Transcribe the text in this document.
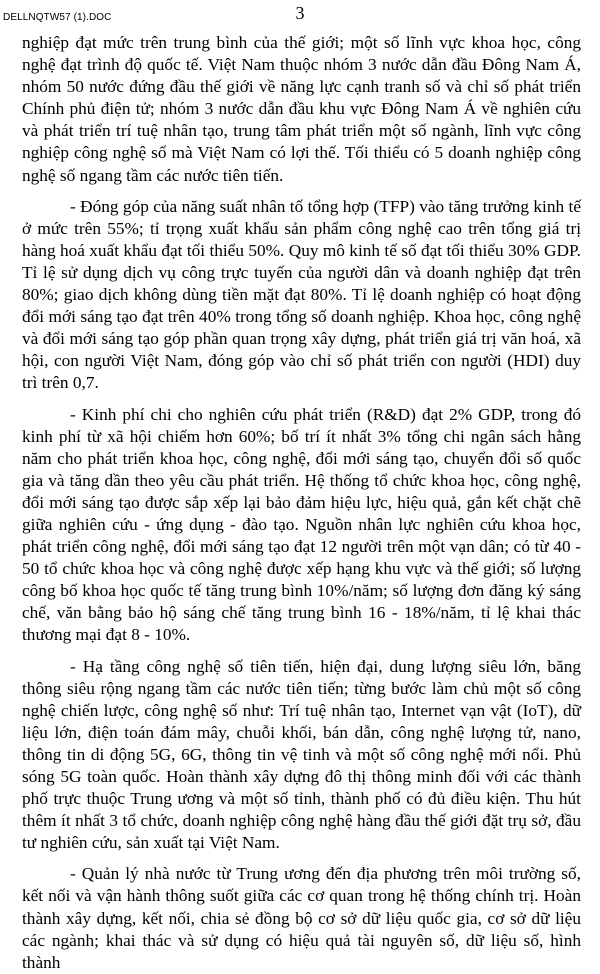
DELLNQTW57 (1).DOC	3

nghiệp đạt mức trên trung bình của thế giới; một số lĩnh vực khoa học, công nghệ đạt trình độ quốc tế. Việt Nam thuộc nhóm 3 nước dẫn đầu Đông Nam Á, nhóm 50 nước đứng đầu thế giới về năng lực cạnh tranh số và chỉ số phát triển Chính phủ điện tử; nhóm 3 nước dẫn đầu khu vực Đông Nam Á về nghiên cứu và phát triển trí tuệ nhân tạo, trung tâm phát triển một số ngành, lĩnh vực công nghiệp công nghệ số mà Việt Nam có lợi thế. Tối thiểu có 5 doanh nghiệp công nghệ số ngang tầm các nước tiên tiến.

- Đóng góp của năng suất nhân tố tổng hợp (TFP) vào tăng trưởng kinh tế ở mức trên 55%; tỉ trọng xuất khẩu sản phẩm công nghệ cao trên tổng giá trị hàng hoá xuất khẩu đạt tối thiểu 50%. Quy mô kinh tế số đạt tối thiểu 30% GDP. Tỉ lệ sử dụng dịch vụ công trực tuyến của người dân và doanh nghiệp đạt trên 80%; giao dịch không dùng tiền mặt đạt 80%. Tỉ lệ doanh nghiệp có hoạt động đổi mới sáng tạo đạt trên 40% trong tổng số doanh nghiệp. Khoa học, công nghệ và đổi mới sáng tạo góp phần quan trọng xây dựng, phát triển giá trị văn hoá, xã hội, con người Việt Nam, đóng góp vào chỉ số phát triển con người (HDI) duy trì trên 0,7.

- Kinh phí chi cho nghiên cứu phát triển (R&D) đạt 2% GDP, trong đó kinh phí từ xã hội chiếm hơn 60%; bố trí ít nhất 3% tổng chi ngân sách hằng năm cho phát triển khoa học, công nghệ, đổi mới sáng tạo, chuyển đổi số quốc gia và tăng dần theo yêu cầu phát triển. Hệ thống tổ chức khoa học, công nghệ, đổi mới sáng tạo được sắp xếp lại bảo đảm hiệu lực, hiệu quả, gắn kết chặt chẽ giữa nghiên cứu - ứng dụng - đào tạo. Nguồn nhân lực nghiên cứu khoa học, phát triển công nghệ, đổi mới sáng tạo đạt 12 người trên một vạn dân; có từ 40 - 50 tổ chức khoa học và công nghệ được xếp hạng khu vực và thế giới; số lượng công bố khoa học quốc tế tăng trung bình 10%/năm; số lượng đơn đăng ký sáng chế, văn bằng bảo hộ sáng chế tăng trung bình 16 - 18%/năm, tỉ lệ khai thác thương mại đạt 8 - 10%.

- Hạ tầng công nghệ số tiên tiến, hiện đại, dung lượng siêu lớn, băng thông siêu rộng ngang tầm các nước tiên tiến; từng bước làm chủ một số công nghệ chiến lược, công nghệ số như: Trí tuệ nhân tạo, Internet vạn vật (IoT), dữ liệu lớn, điện toán đám mây, chuỗi khối, bán dẫn, công nghệ lượng tử, nano, thông tin di động 5G, 6G, thông tin vệ tinh và một số công nghệ mới nổi. Phủ sóng 5G toàn quốc. Hoàn thành xây dựng đô thị thông minh đối với các thành phố trực thuộc Trung ương và một số tỉnh, thành phố có đủ điều kiện. Thu hút thêm ít nhất 3 tổ chức, doanh nghiệp công nghệ hàng đầu thế giới đặt trụ sở, đầu tư nghiên cứu, sản xuất tại Việt Nam.

- Quản lý nhà nước từ Trung ương đến địa phương trên môi trường số, kết nối và vận hành thông suốt giữa các cơ quan trong hệ thống chính trị. Hoàn thành xây dựng, kết nối, chia sẻ đồng bộ cơ sở dữ liệu quốc gia, cơ sở dữ liệu các ngành; khai thác và sử dụng có hiệu quả tài nguyên số, dữ liệu số, hình thành
